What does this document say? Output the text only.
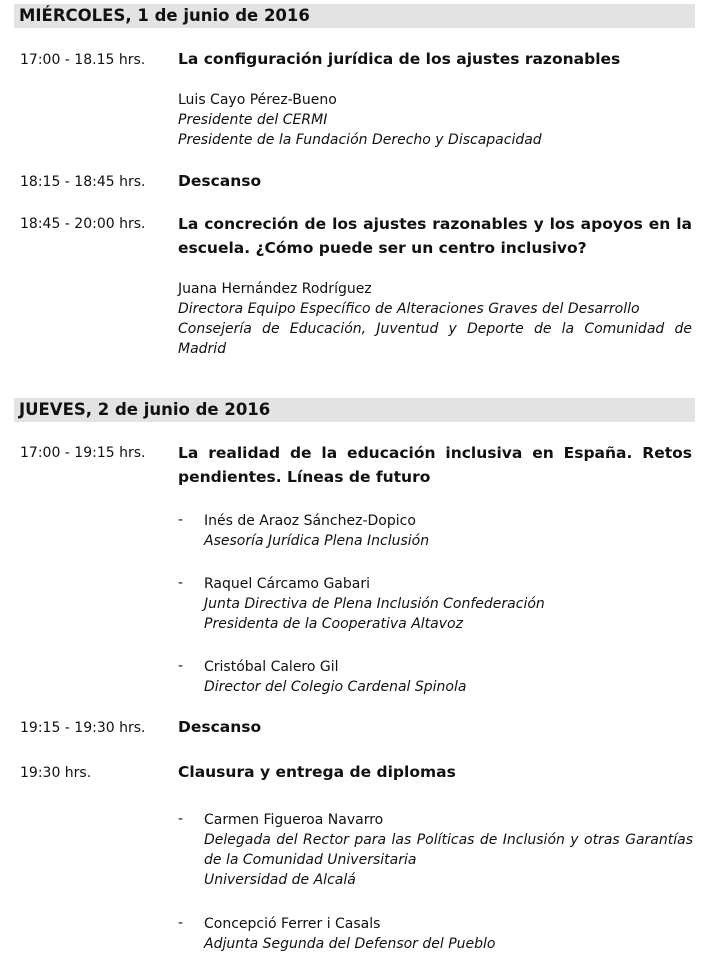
MIÉRCOLES, 1 de junio de 2016
17:00 - 18.15 hrs. La configuración jurídica de los ajustes razonables
Luis Cayo Pérez-Bueno
Presidente del CERMI
Presidente de la Fundación Derecho y Discapacidad
18:15 - 18:45 hrs. Descanso
18:45 - 20:00 hrs. La concreción de los ajustes razonables y los apoyos en la
escuela. ¿Cómo puede ser un centro inclusivo?
Juana Hernández Rodríguez
Directora Equipo Específico de Alteraciones Graves del Desarrollo
Consejería de Educación, Juventud y Deporte de la Comunidad de
Madrid
JUEVES, 2 de junio de 2016
17:00 - 19:15 hrs. La realidad de la educación inclusiva en España. Retos
pendientes. Líneas de futuro
- Inés de Araoz Sánchez-Dopico
Asesoría Jurídica Plena Inclusión
- Raquel Cárcamo Gabari
Junta Directiva de Plena Inclusión Confederación
Presidenta de la Cooperativa Altavoz
- Cristóbal Calero Gil
Director del Colegio Cardenal Spinola
19:15 - 19:30 hrs. Descanso
19:30 hrs.	Clausura y entrega de diplomas
- Carmen Figueroa Navarro
Delegada del Rector para las Políticas de Inclusión y otras Garantías
de la Comunidad Universitaria
Universidad de Alcalá
- Concepció Ferrer i Casals
Adjunta Segunda del Defensor del Pueblo
